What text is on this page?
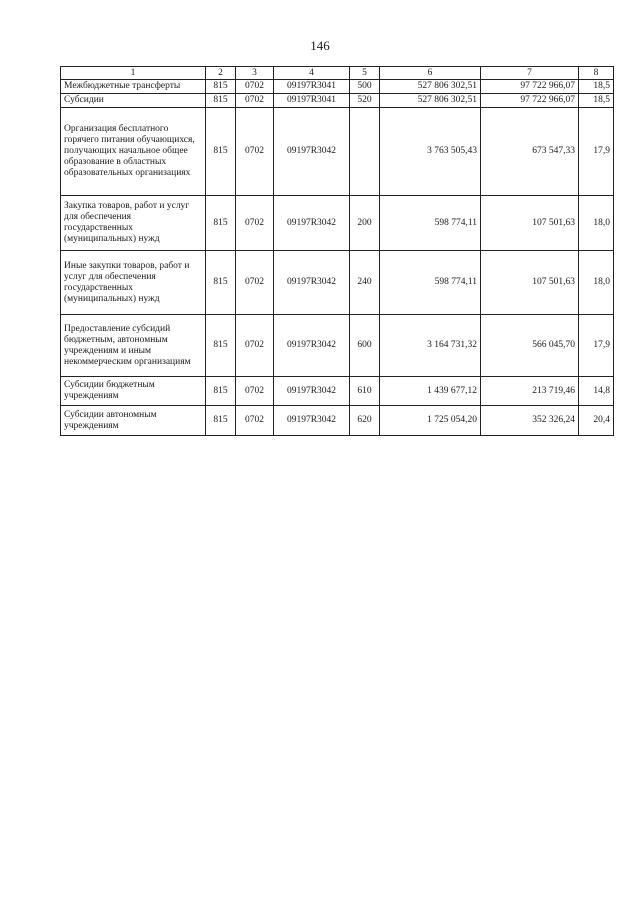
146
1	2	3	4	5	6	7	8
Межбюджетные трансферты	815	0702	09197R3041	500	527 806 302,51	97 722 966,07	18,5
Субсидии	815	0702	09197R3041	520	527 806 302,51	97 722 966,07	18,5
Организация бесплатного горячего питания обучающихся, получающих начальное общее образование в областных образовательных организациях	815	0702	09197R3042		3 763 505,43	673 547,33	17,9
Закупка товаров, работ и услуг для обеспечения государственных (муниципальных) нужд	815	0702	09197R3042	200	598 774,11	107 501,63	18,0
Иные закупки товаров, работ и услуг для обеспечения государственных (муниципальных) нужд	815	0702	09197R3042	240	598 774,11	107 501,63	18,0
Предоставление субсидий бюджетным, автономным учреждениям и иным некоммерческим организациям	815	0702	09197R3042	600	3 164 731,32	566 045,70	17,9
Субсидии бюджетным учреждениям	815	0702	09197R3042	610	1 439 677,12	213 719,46	14,8
Субсидии автономным учреждениям	815	0702	09197R3042	620	1 725 054,20	352 326,24	20,4
